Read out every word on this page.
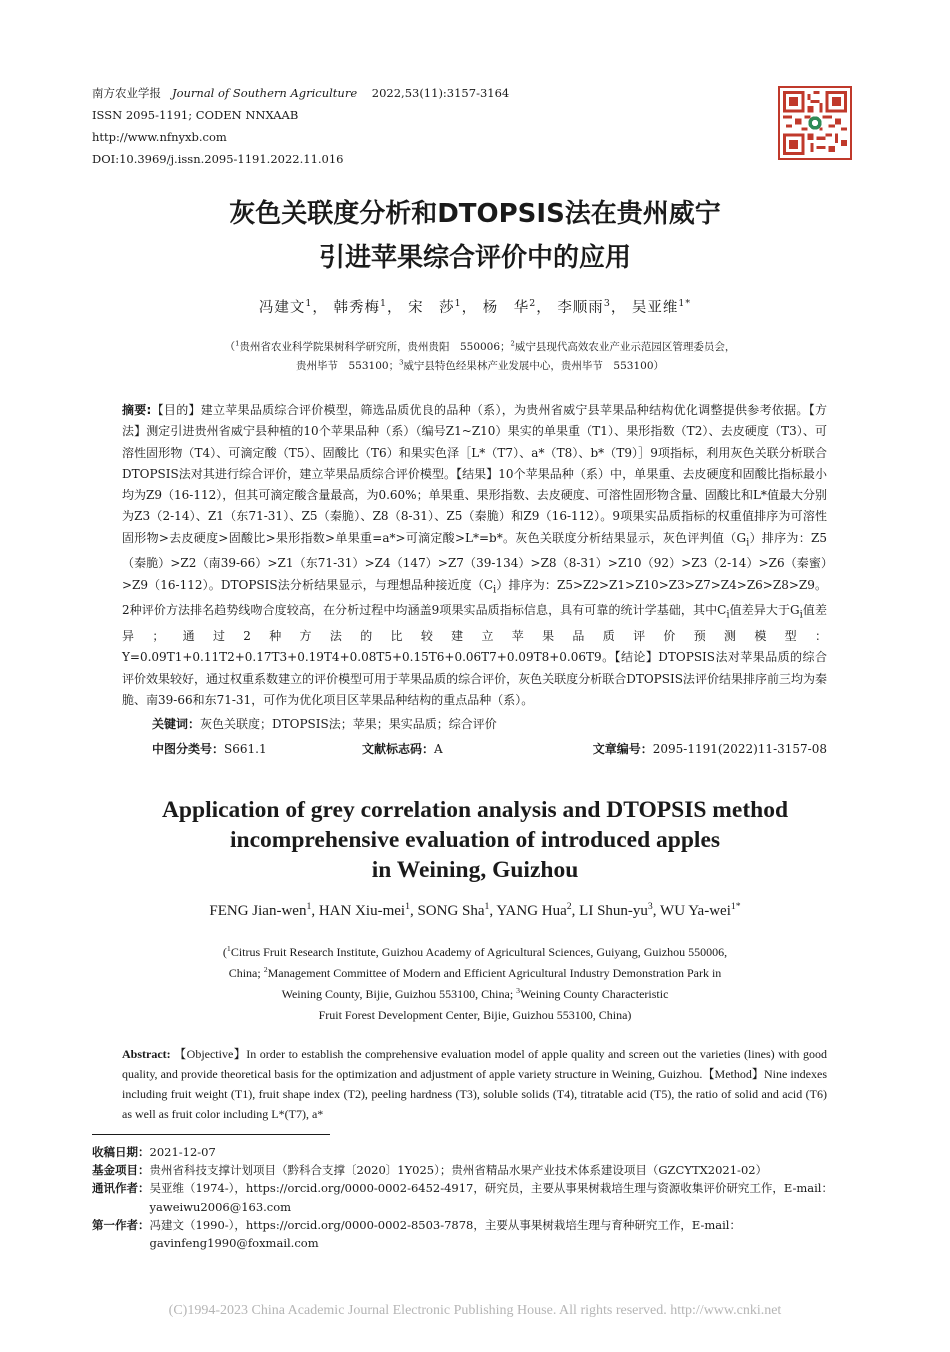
南方农业学报 Journal of Southern Agriculture 2022,53(11):3157-3164
ISSN 2095-1191; CODEN NNXAAB
http://www.nfnyxb.com
DOI:10.3969/j.issn.2095-1191.2022.11.016
灰色关联度分析和DTOPSIS法在贵州威宁
引进苹果综合评价中的应用
冯建文$^1$， 韩秀梅$^1$， 宋　莎$^1$， 杨　华$^2$， 李顺雨$^3$， 吴亚维$^{1*}$
（$^1$贵州省农业科学院果树科学研究所，贵州贵阳　550006；$^2$威宁县现代高效农业产业示范园区管理委员会，
贵州毕节　553100；$^3$威宁县特色经果林产业发展中心，贵州毕节　553100）
摘要:【目的】建立苹果品质综合评价模型，筛选品质优良的品种（系），为贵州省威宁县苹果品种结构优化调整提供参考依据。【方法】测定引进贵州省威宁县种植的10个苹果品种（系）（编号Z1~Z10）果实的单果重（T1）、果形指数（T2）、去皮硬度（T3）、可溶性固形物（T4）、可滴定酸（T5）、固酸比（T6）和果实色泽［L*（T7）、a*（T8）、b*（T9）］9项指标，利用灰色关联分析联合DTOPSIS法对其进行综合评价，建立苹果品质综合评价模型。【结果】10个苹果品种（系）中，单果重、去皮硬度和固酸比指标最小均为Z9（16-112），但其可滴定酸含量最高，为0.60%；单果重、果形指数、去皮硬度、可溶性固形物含量、固酸比和L*值最大分别为Z3（2-14）、Z1（东71-31）、Z5（秦脆）、Z8（8-31）、Z5（秦脆）和Z9（16-112）。9项果实品质指标的权重值排序为可溶性固形物>去皮硬度>固酸比>果形指数>单果重=a*>可滴定酸>L*=b*。灰色关联度分析结果显示，灰色评判值$(G_i)$排序为：Z5（秦脆）>Z2（南39-66）>Z1（东71-31）>Z4（147）>Z7（39-134）>Z8（8-31）>Z10（92）>Z3（2-14）>Z6（秦蜜）>Z9（16-112）。DTOPSIS法分析结果显示，与理想品种接近度$(C_i)$排序为：Z5>Z2>Z1>Z10>Z3>Z7>Z4>Z6>Z8>Z9。2种评价方法排名趋势线吻合度较高，在分析过程中均涵盖9项果实品质指标信息，具有可靠的统计学基础，其中$C_i$值差异大于$G_i$值差异；通过2种方法的比较建立苹果品质评价预测模型：Y=0.09T1+0.11T2+0.17T3+0.19T4+0.08T5+0.15T6+0.06T7+0.09T8+0.06T9。【结论】DTOPSIS法对苹果品质的综合评价效果较好，通过权重系数建立的评价模型可用于苹果品质的综合评价，灰色关联度分析联合DTOPSIS法评价结果排序前三均为秦脆、南39-66和东71-31，可作为优化项目区苹果品种结构的重点品种（系）。
关键词：灰色关联度；DTOPSIS法；苹果；果实品质；综合评价
中图分类号：S661.1	文献标志码：A	文章编号：2095-1191(2022)11-3157-08
Application of grey correlation analysis and DTOPSIS method
incomprehensive evaluation of introduced apples
in Weining, Guizhou
FENG Jian-wen$^1$, HAN Xiu-mei$^1$, SONG Sha$^1$, YANG Hua$^2$, LI Shun-$yu^3$, WU Ya-wei$^{1*}$
($^1$Citrus Fruit Research Institute, Guizhou Academy of Agricultural Sciences, Guiyang, Guizhou 550006,
China; $^2$Management Committee of Modern and Efficient Agricultural Industry Demonstration Park in
Weining County, Bijie, Guizhou 553100, China; $^3$Weining County Characteristic
Fruit Forest Development Center, Bijie, Guizhou 553100, China)
Abstract: 【Objective】In order to establish the comprehensive evaluation model of apple quality and screen out the varieties (lines) with good quality, and provide theoretical basis for the optimization and adjustment of apple variety structure in Weining, Guizhou.【Method】Nine indexes including fruit weight (T1), fruit shape index (T2), peeling hardness (T3), soluble solids (T4), titratable acid (T5), the ratio of solid and acid (T6) as well as fruit color including L*(T7), a*
收稿日期： 2021-12-07
基金项目： 贵州省科技支撑计划项目（黔科合支撑〔2020〕1Y025）；贵州省精品水果产业技术体系建设项目（GZCYTX2021-02）
通讯作者： 吴亚维（1974-），https://orcid.org/0000-0002-6452-4917，研究员，主要从事果树栽培生理与资源收集评价研究工作，E-mail：yaweiwu2006@163.com
第一作者： 冯建文（1990-），https://orcid.org/0000-0002-8503-7878，主要从事果树栽培生理与育种研究工作，E-mail：gavinfeng1990@foxmail.com
(C)1994-2023 China Academic Journal Electronic Publishing House. All rights reserved. http://www.cnki.net
